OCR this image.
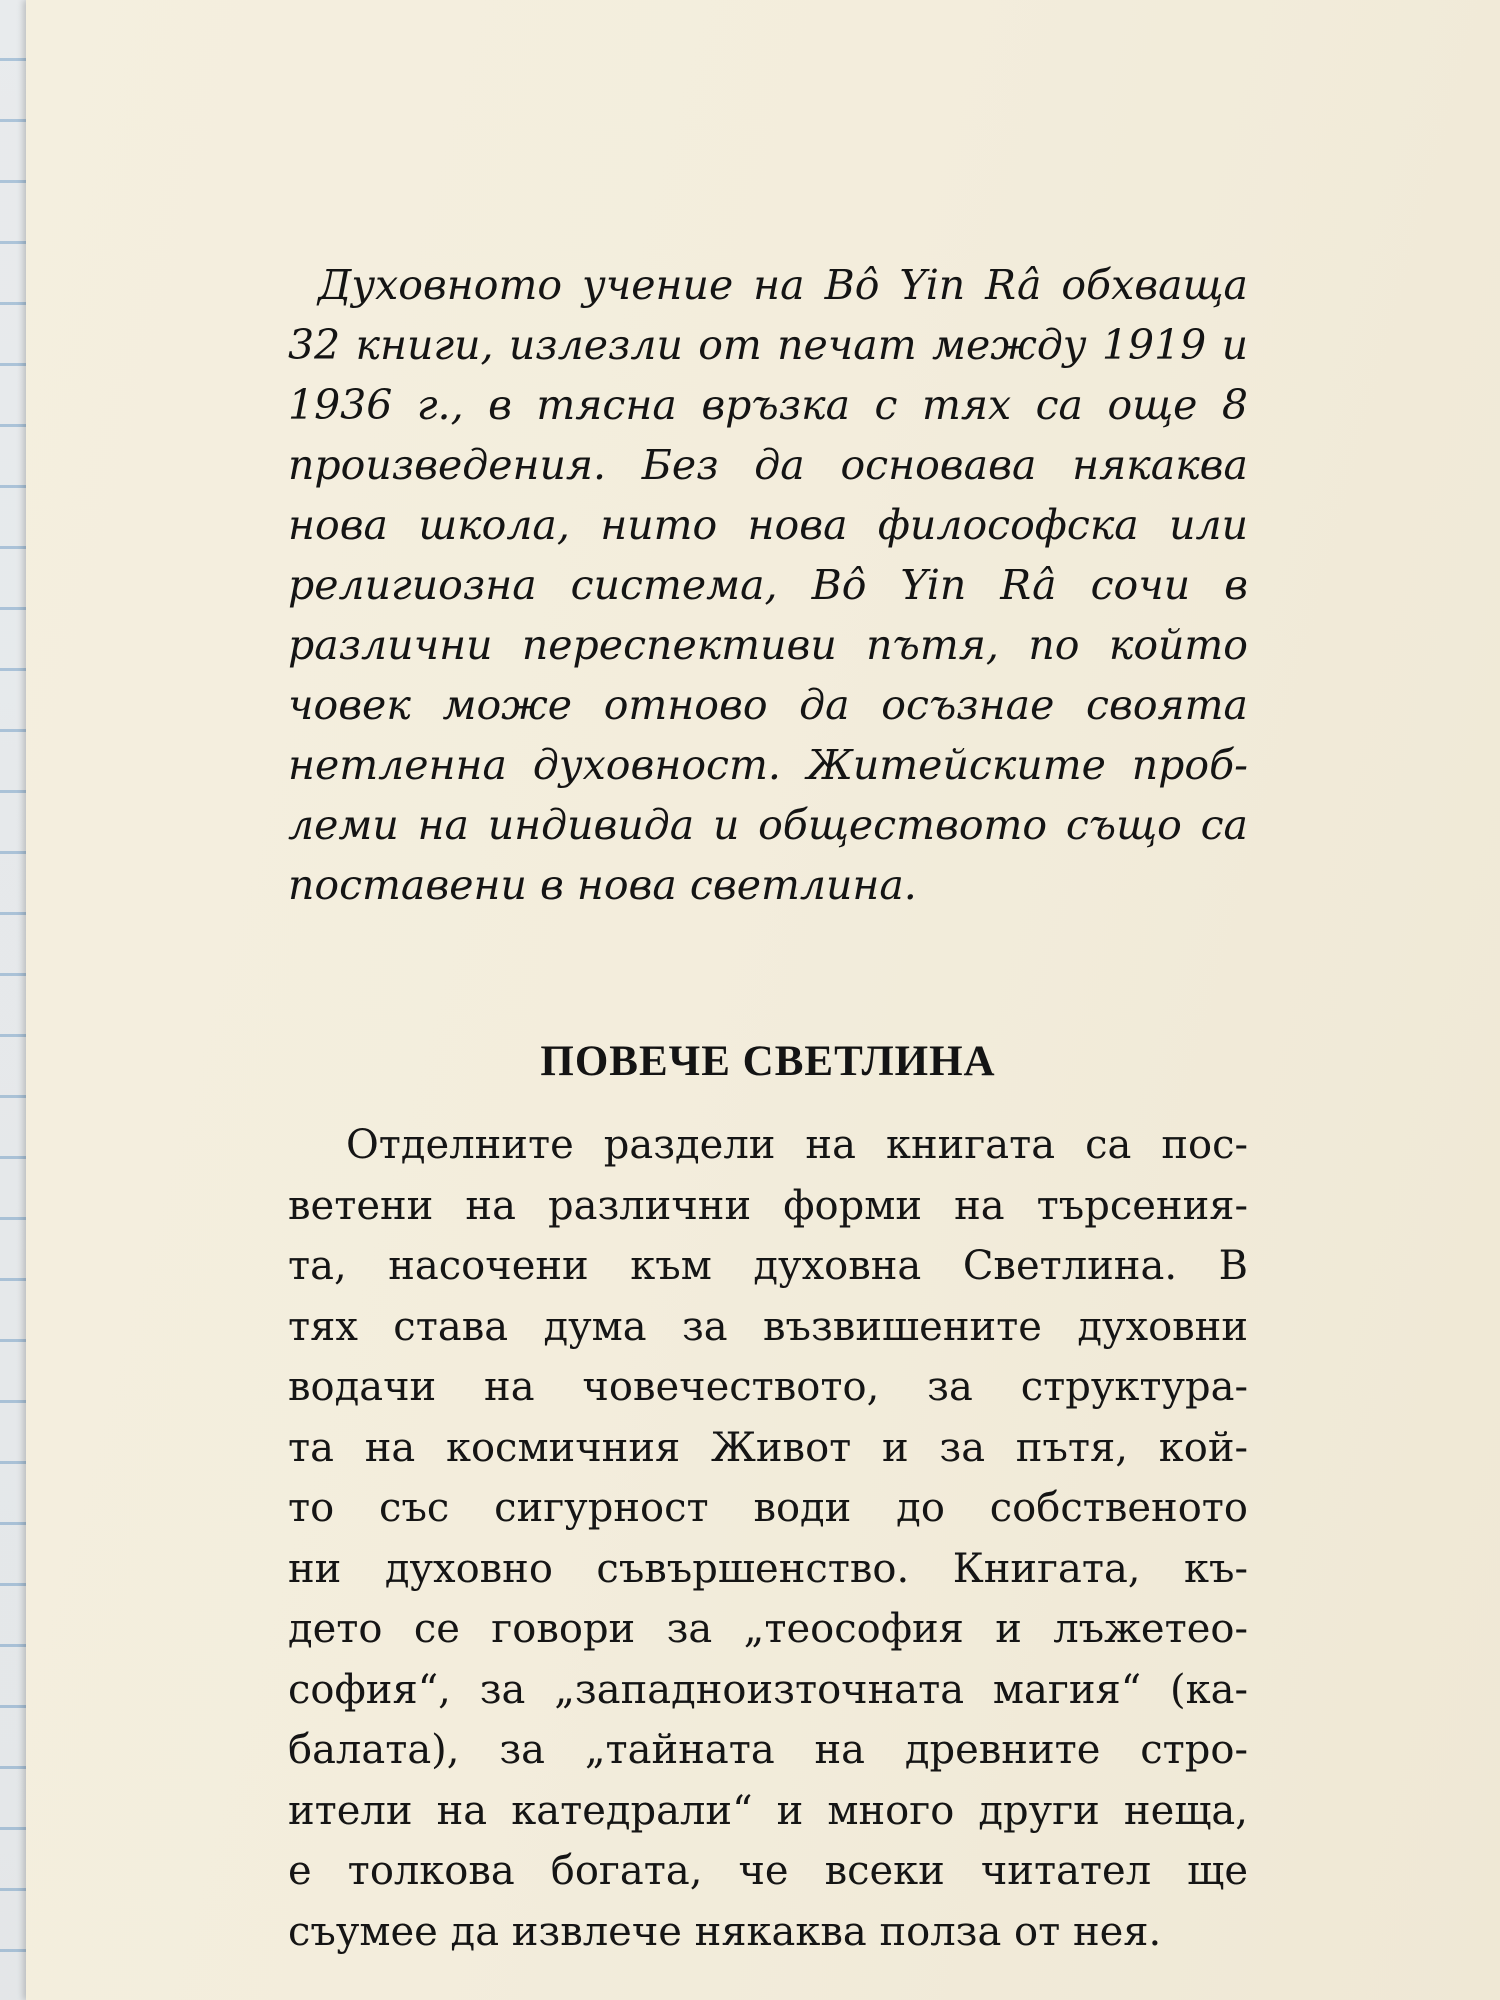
Духовното учение на Bô Yin Râ обхваща
32 книги, излезли от печат между 1919 и
1936 г., в тясна връзка с тях са още 8
произведения. Без да основава някаква
нова школа, нито нова философска или
религиозна система, Bô Yin Râ сочи в
различни переспективи пътя, по който
човек може отново да осъзнае своята
нетленна духовност. Житейските проб-
леми на индивида и обществото също са
поставени в нова светлина.

ПОВЕЧЕ СВЕТЛИНА

Отделните раздели на книгата са пос-
ветени на различни форми на търсения-
та, насочени към духовна Светлина. В
тях става дума за възвишените духовни
водачи на човечеството, за структура-
та на космичния Живот и за пътя, кой-
то със сигурност води до собственото
ни духовно съвършенство. Книгата, къ-
дето се говори за „теософия и лъжетео-
софия“, за „западноизточната магия“ (ка-
балата), за „тайната на древните стро-
ители на катедрали“ и много други неща,
е толкова богата, че всеки читател ще
съумее да извлече някаква полза от нея.
